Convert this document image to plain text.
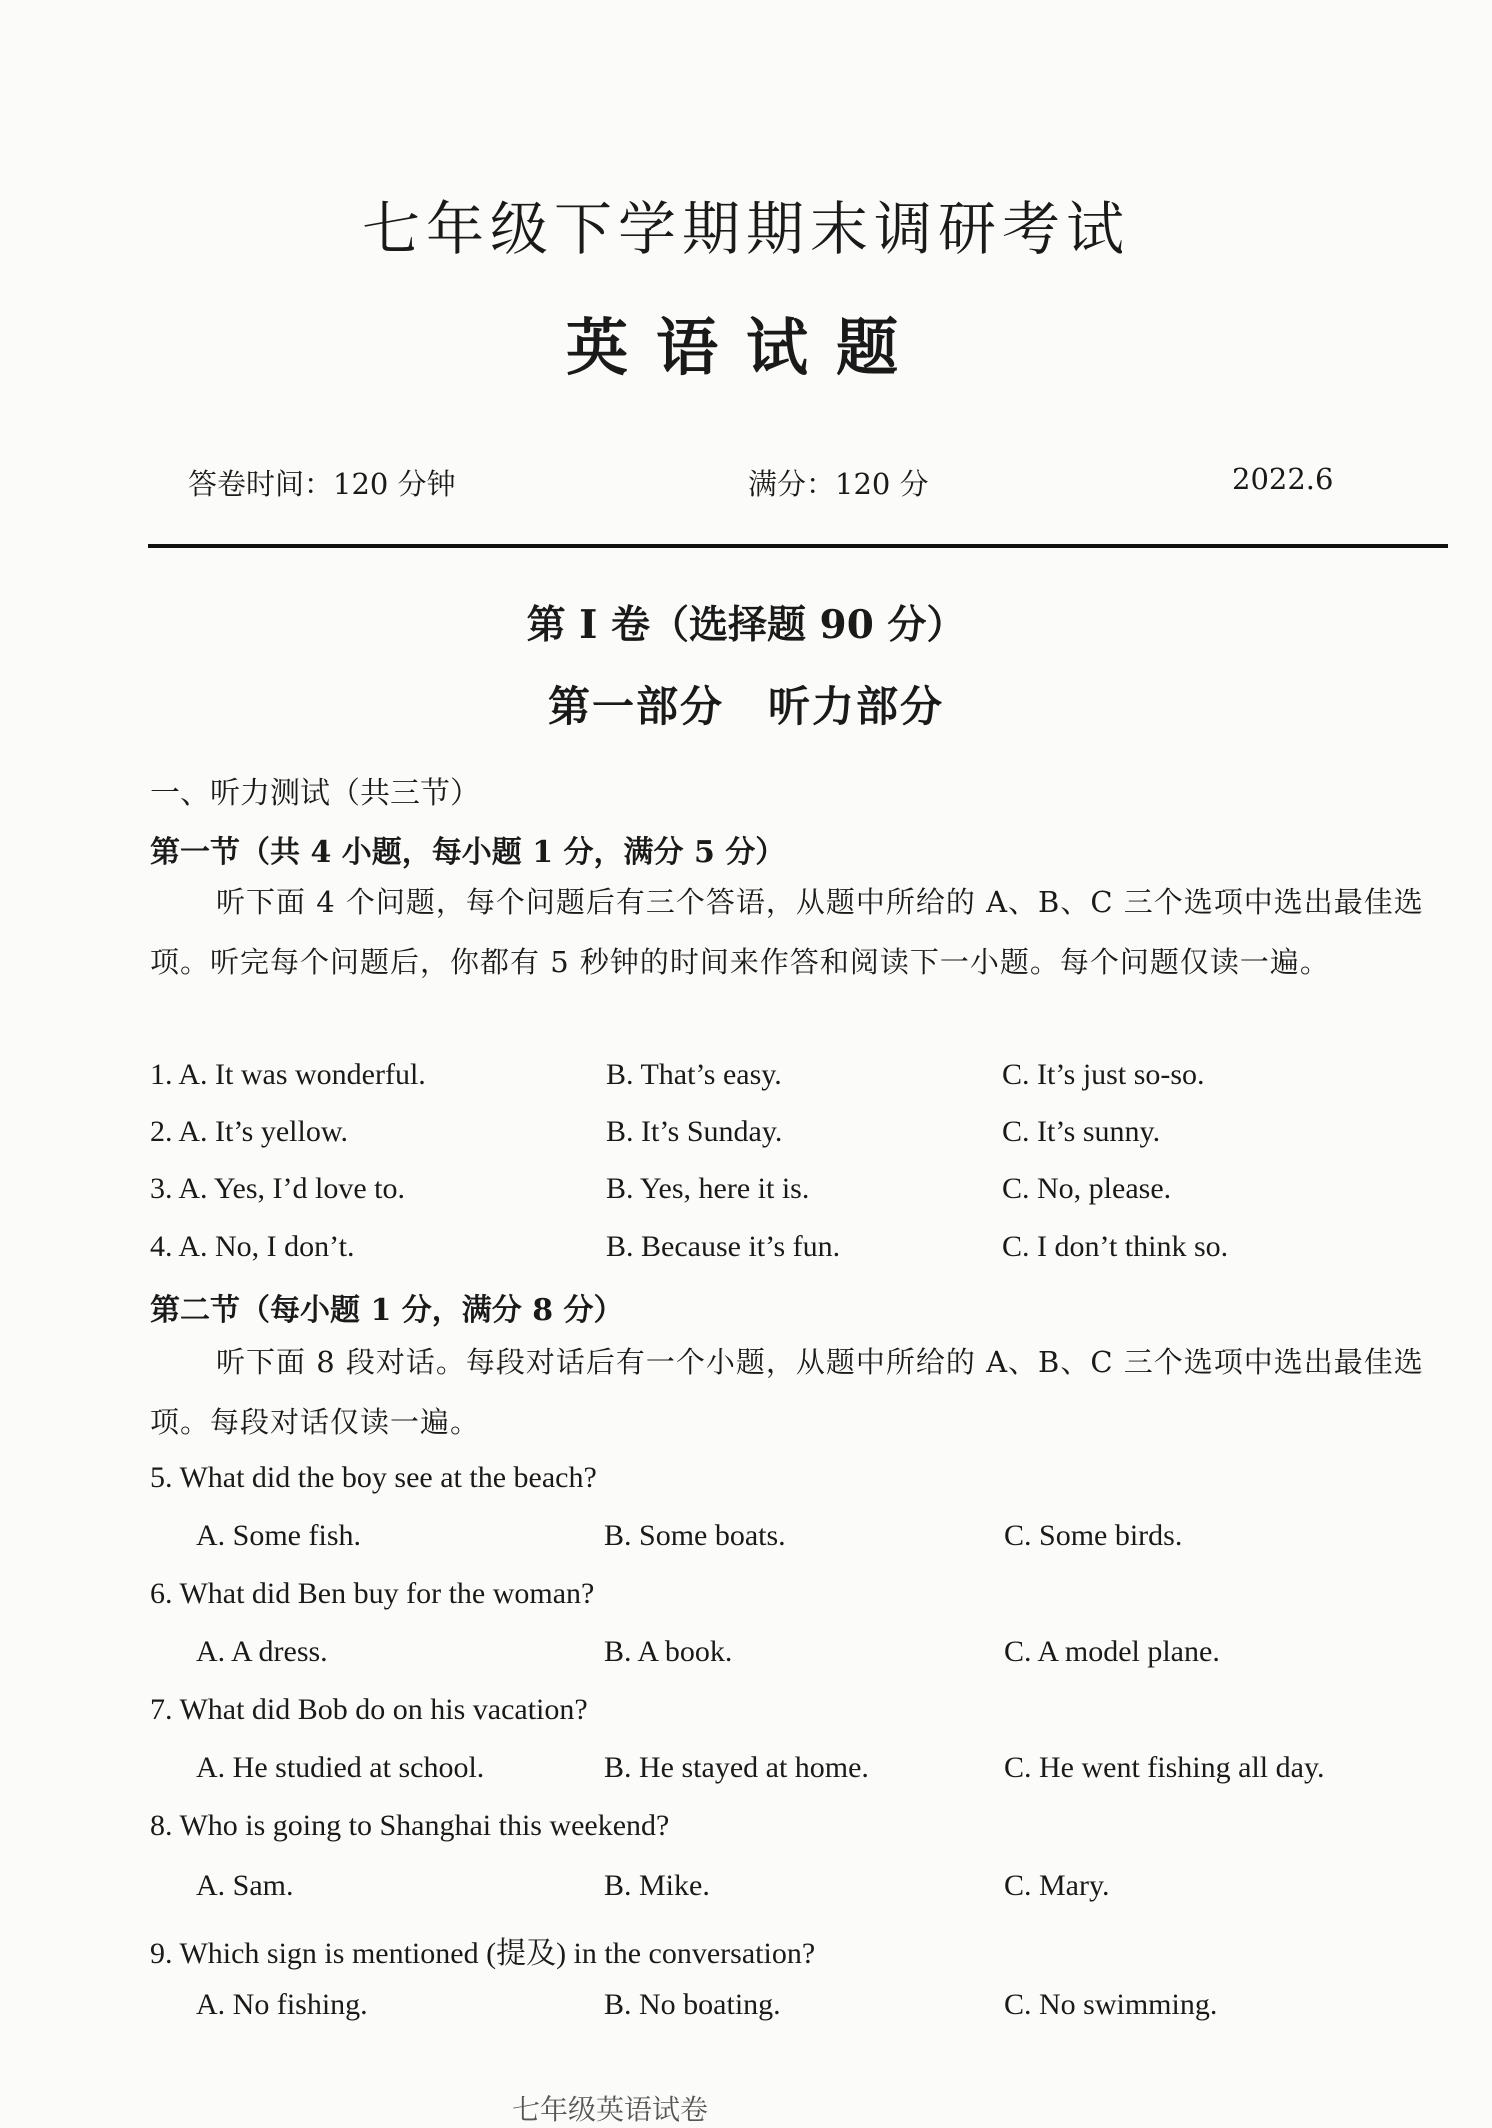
七年级下学期期末调研考试
英语试题
答卷时间：120 分钟	满分：120 分	2022.6
第 I 卷（选择题 90 分）
第一部分 听力部分
一、听力测试（共三节）
第一节（共 4 小题，每小题 1 分，满分 5 分）
听下面 4 个问题，每个问题后有三个答语，从题中所给的 A、B、C 三个选项中选出最佳选项。听完每个问题后，你都有 5 秒钟的时间来作答和阅读下一小题。每个问题仅读一遍。
1. A. It was wonderful.	B. That’s easy.	C. It’s just so-so.
2. A. It’s yellow.	B. It’s Sunday.	C. It’s sunny.
3. A. Yes, I’d love to.	B. Yes, here it is.	C. No, please.
4. A. No, I don’t.	B. Because it’s fun.	C. I don’t think so.
第二节（每小题 1 分，满分 8 分）
听下面 8 段对话。每段对话后有一个小题，从题中所给的 A、B、C 三个选项中选出最佳选项。每段对话仅读一遍。
5. What did the boy see at the beach?
A. Some fish.	B. Some boats.	C. Some birds.
6. What did Ben buy for the woman?
A. A dress.	B. A book.	C. A model plane.
7. What did Bob do on his vacation?
A. He studied at school.	B. He stayed at home.	C. He went fishing all day.
8. Who is going to Shanghai this weekend?
A. Sam.	B. Mike.	C. Mary.
9. Which sign is mentioned (提及) in the conversation?
A. No fishing.	B. No boating.	C. No swimming.
七年级英语试卷
